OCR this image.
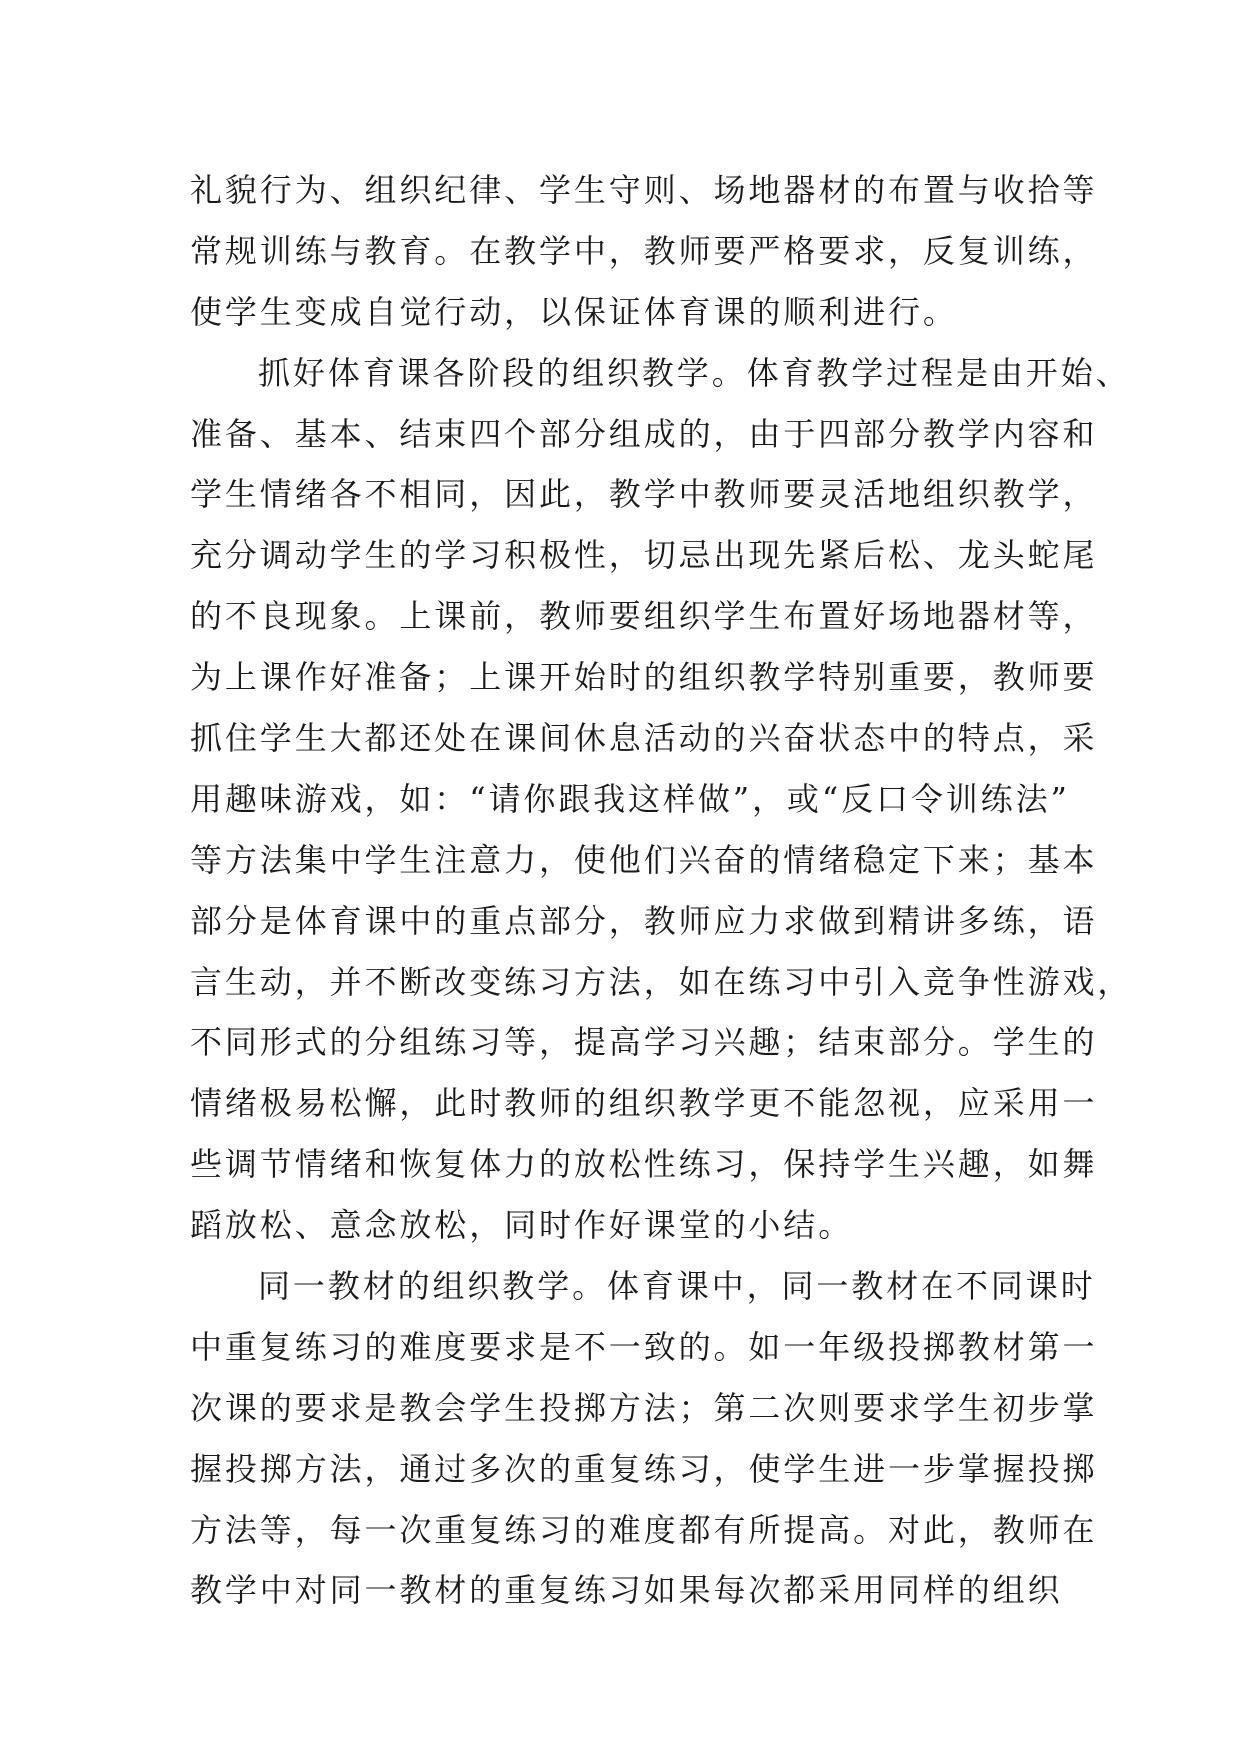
礼貌行为、组织纪律、学生守则、场地器材的布置与收拾等
常规训练与教育。在教学中，教师要严格要求，反复训练，
使学生变成自觉行动，以保证体育课的顺利进行。
抓好体育课各阶段的组织教学。体育教学过程是由开始、
准备、基本、结束四个部分组成的，由于四部分教学内容和
学生情绪各不相同，因此，教学中教师要灵活地组织教学，
充分调动学生的学习积极性，切忌出现先紧后松、龙头蛇尾
的不良现象。上课前，教师要组织学生布置好场地器材等，
为上课作好准备；上课开始时的组织教学特别重要，教师要
抓住学生大都还处在课间休息活动的兴奋状态中的特点，采
用趣味游戏，如：“请你跟我这样做”，或“反口令训练法”
等方法集中学生注意力，使他们兴奋的情绪稳定下来；基本
部分是体育课中的重点部分，教师应力求做到精讲多练，语
言生动，并不断改变练习方法，如在练习中引入竞争性游戏，
不同形式的分组练习等，提高学习兴趣；结束部分。学生的
情绪极易松懈，此时教师的组织教学更不能忽视，应采用一
些调节情绪和恢复体力的放松性练习，保持学生兴趣，如舞
蹈放松、意念放松，同时作好课堂的小结。
同一教材的组织教学。体育课中，同一教材在不同课时
中重复练习的难度要求是不一致的。如一年级投掷教材第一
次课的要求是教会学生投掷方法；第二次则要求学生初步掌
握投掷方法，通过多次的重复练习，使学生进一步掌握投掷
方法等，每一次重复练习的难度都有所提高。对此，教师在
教学中对同一教材的重复练习如果每次都采用同样的组织
